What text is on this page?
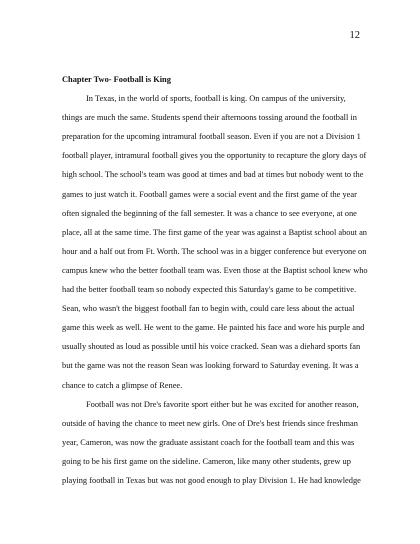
12
Chapter Two- Football is King
In Texas, in the world of sports, football is king. On campus of the university,
things are much the same. Students spend their afternoons tossing around the football in
preparation for the upcoming intramural football season. Even if you are not a Division 1
football player, intramural football gives you the opportunity to recapture the glory days of
high school. The school's team was good at times and bad at times but nobody went to the
games to just watch it. Football games were a social event and the first game of the year
often signaled the beginning of the fall semester. It was a chance to see everyone, at one
place, all at the same time. The first game of the year was against a Baptist school about an
hour and a half out from Ft. Worth. The school was in a bigger conference but everyone on
campus knew who the better football team was. Even those at the Baptist school knew who
had the better football team so nobody expected this Saturday's game to be competitive.
Sean, who wasn't the biggest football fan to begin with, could care less about the actual
game this week as well. He went to the game. He painted his face and wore his purple and
usually shouted as loud as possible until his voice cracked. Sean was a diehard sports fan
but the game was not the reason Sean was looking forward to Saturday evening. It was a
chance to catch a glimpse of Renee.
Football was not Dre's favorite sport either but he was excited for another reason,
outside of having the chance to meet new girls. One of Dre's best friends since freshman
year, Cameron, was now the graduate assistant coach for the football team and this was
going to be his first game on the sideline. Cameron, like many other students, grew up
playing football in Texas but was not good enough to play Division 1. He had knowledge
